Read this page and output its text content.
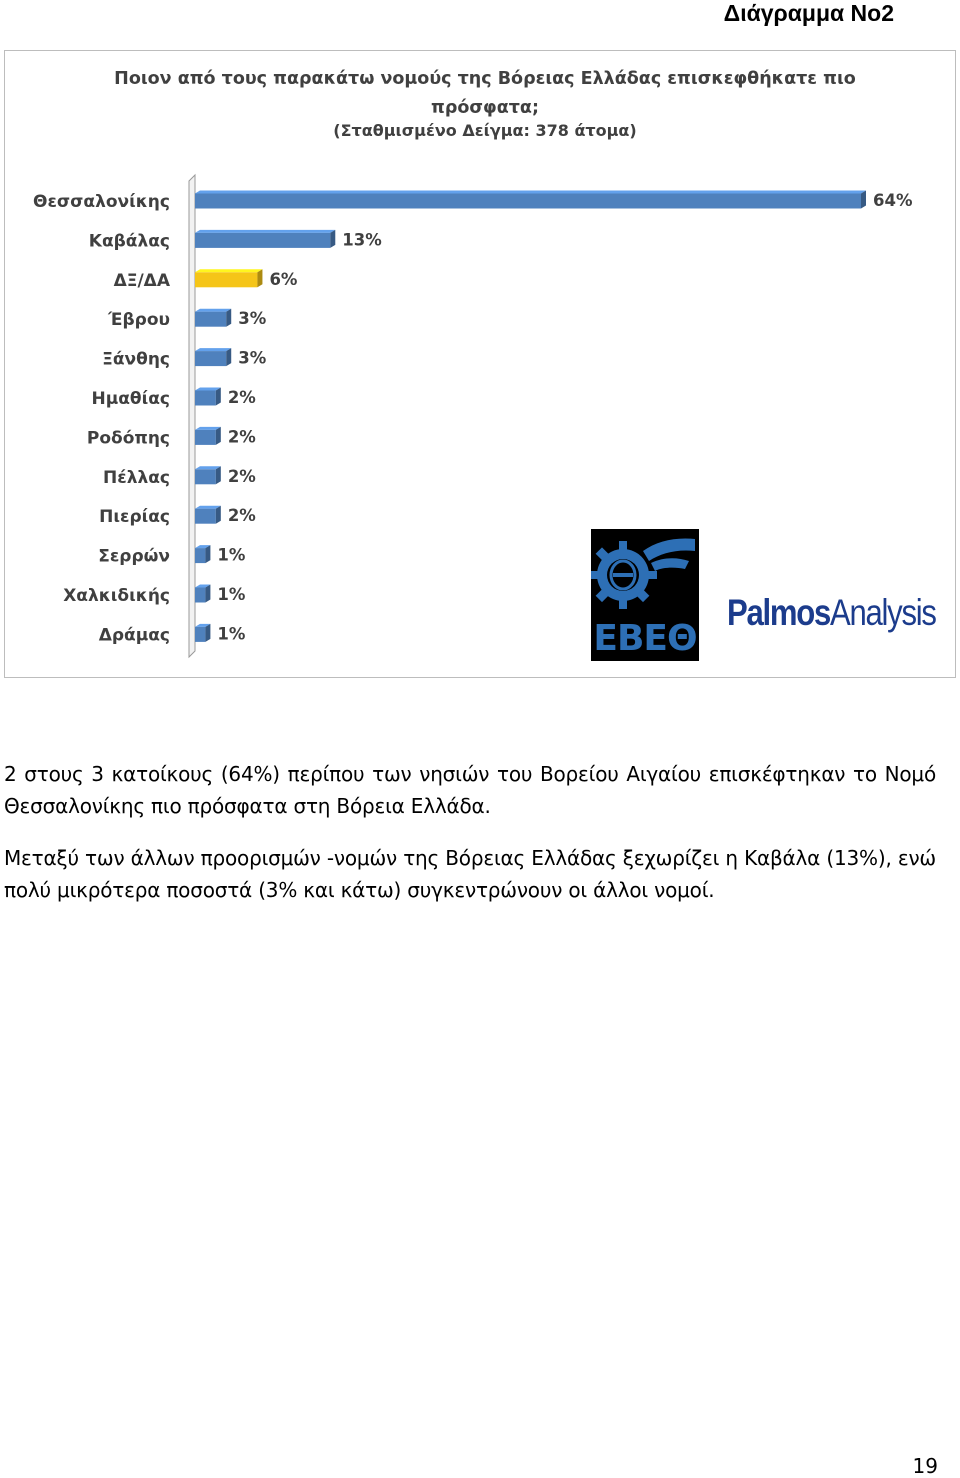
Διάγραμμα Νο2
Ποιον από τους παρακάτω νομούς της Βόρειας Ελλάδας επισκεφθήκατε πιο πρόσφατα;
(Σταθμισμένο Δείγμα: 378 άτομα)
Θεσσαλονίκης	64%
Καβάλας	13%
ΔΞ/ΔΑ	6%
Έβρου	3%
Ξάνθης	3%
Ημαθίας	2%
Ροδόπης	2%
Πέλλας	2%
Πιερίας	2%
Σερρών	1%
Χαλκιδικής	1%
Δράμας	1%	ΕΒΕΘ
PalmosAnalysis

2 στους 3 κατοίκους (64%) περίπου των νησιών του Βορείου Αιγαίου επισκέφτηκαν το Νομό Θεσσαλονίκης πιο πρόσφατα στη Βόρεια Ελλάδα.

Μεταξύ των άλλων προορισμών -νομών της Βόρειας Ελλάδας ξεχωρίζει η Καβάλα (13%), ενώ πολύ μικρότερα ποσοστά (3% και κάτω) συγκεντρώνουν οι άλλοι νομοί.

19
